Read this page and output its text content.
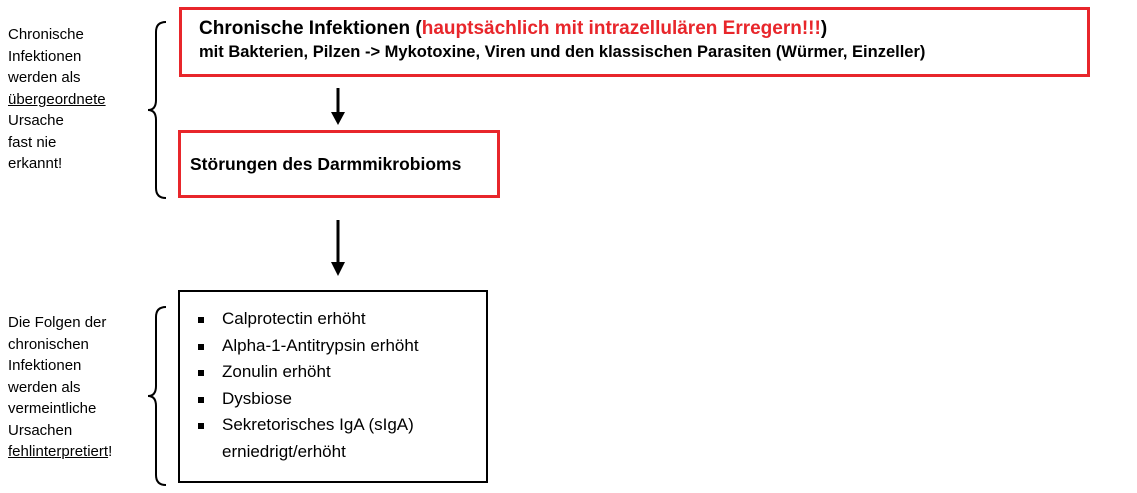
Chronische
Infektionen
werden als
übergeordnete
Ursache
fast nie
erkannt!
Die Folgen der
chronischen
Infektionen
werden als
vermeintliche
Ursachen
fehlinterpretiert!
Chronische Infektionen (hauptsächlich mit intrazellulären Erregern!!!)
mit Bakterien, Pilzen -> Mykotoxine, Viren und den klassischen Parasiten (Würmer, Einzeller)
Störungen des Darmmikrobioms
Calprotectin erhöht
Alpha-1-Antitrypsin erhöht
Zonulin erhöht
Dysbiose
Sekretorisches IgA (sIgA)
erniedrigt/erhöht
